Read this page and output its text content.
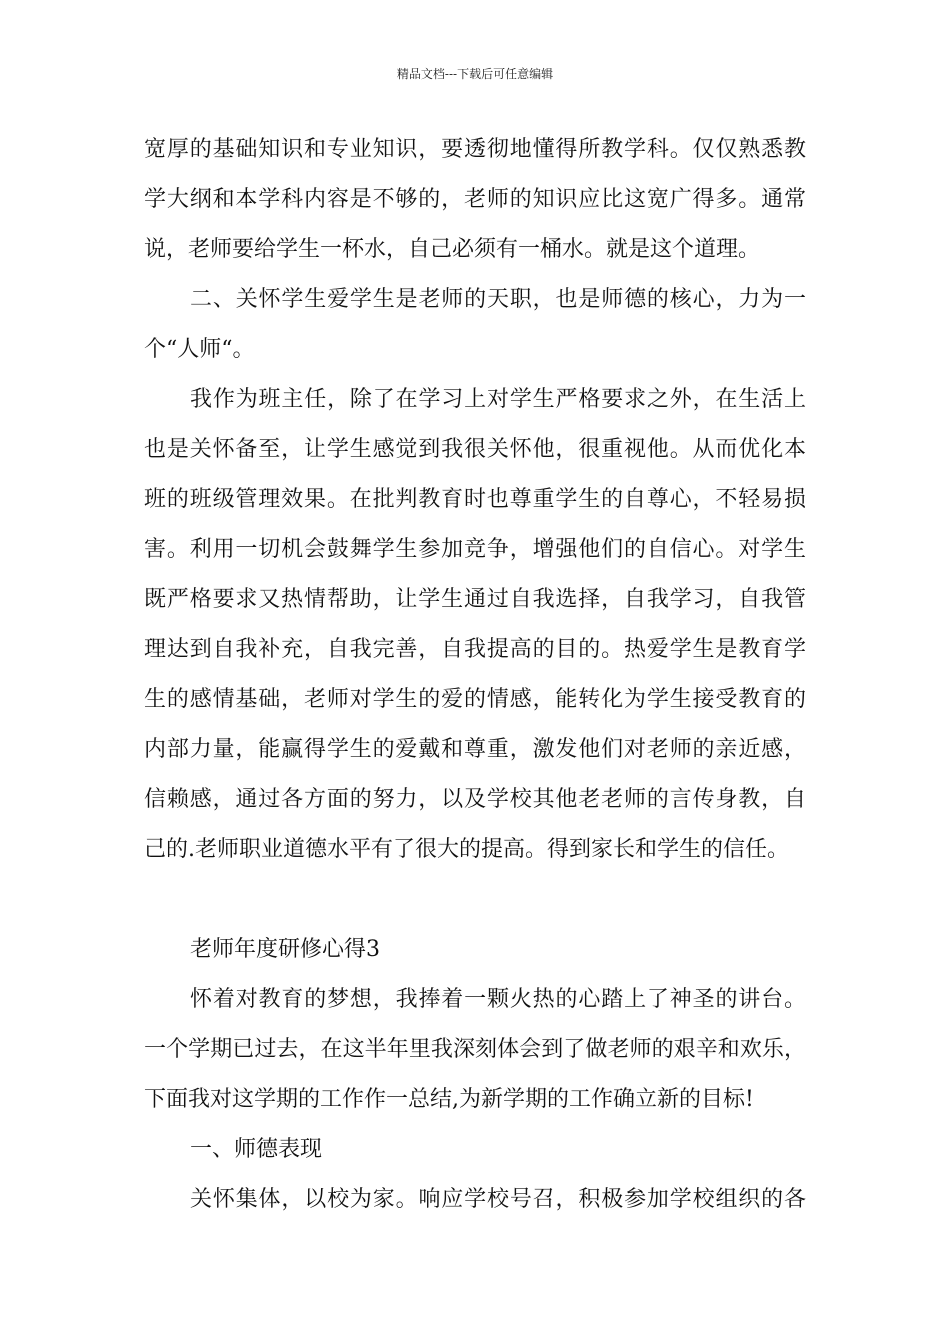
精品文档---下载后可任意编辑
宽厚的基础知识和专业知识，要透彻地懂得所教学科。仅仅熟悉教
学大纲和本学科内容是不够的，老师的知识应比这宽广得多。通常
说，老师要给学生一杯水，自己必须有一桶水。就是这个道理。
二、关怀学生爱学生是老师的天职，也是师德的核心，力为一
个“人师“。
我作为班主任，除了在学习上对学生严格要求之外，在生活上
也是关怀备至，让学生感觉到我很关怀他，很重视他。从而优化本
班的班级管理效果。在批判教育时也尊重学生的自尊心，不轻易损
害。利用一切机会鼓舞学生参加竞争，增强他们的自信心。对学生
既严格要求又热情帮助，让学生通过自我选择，自我学习，自我管
理达到自我补充，自我完善，自我提高的目的。热爱学生是教育学
生的感情基础，老师对学生的爱的情感，能转化为学生接受教育的
内部力量，能赢得学生的爱戴和尊重，激发他们对老师的亲近感，
信赖感，通过各方面的努力，以及学校其他老老师的言传身教，自
己的.老师职业道德水平有了很大的提高。得到家长和学生的信任。
老师年度研修心得3
怀着对教育的梦想，我捧着一颗火热的心踏上了神圣的讲台。
一个学期已过去，在这半年里我深刻体会到了做老师的艰辛和欢乐，
下面我对这学期的工作作一总结,为新学期的工作确立新的目标!
一、师德表现
关怀集体，以校为家。响应学校号召，积极参加学校组织的各
